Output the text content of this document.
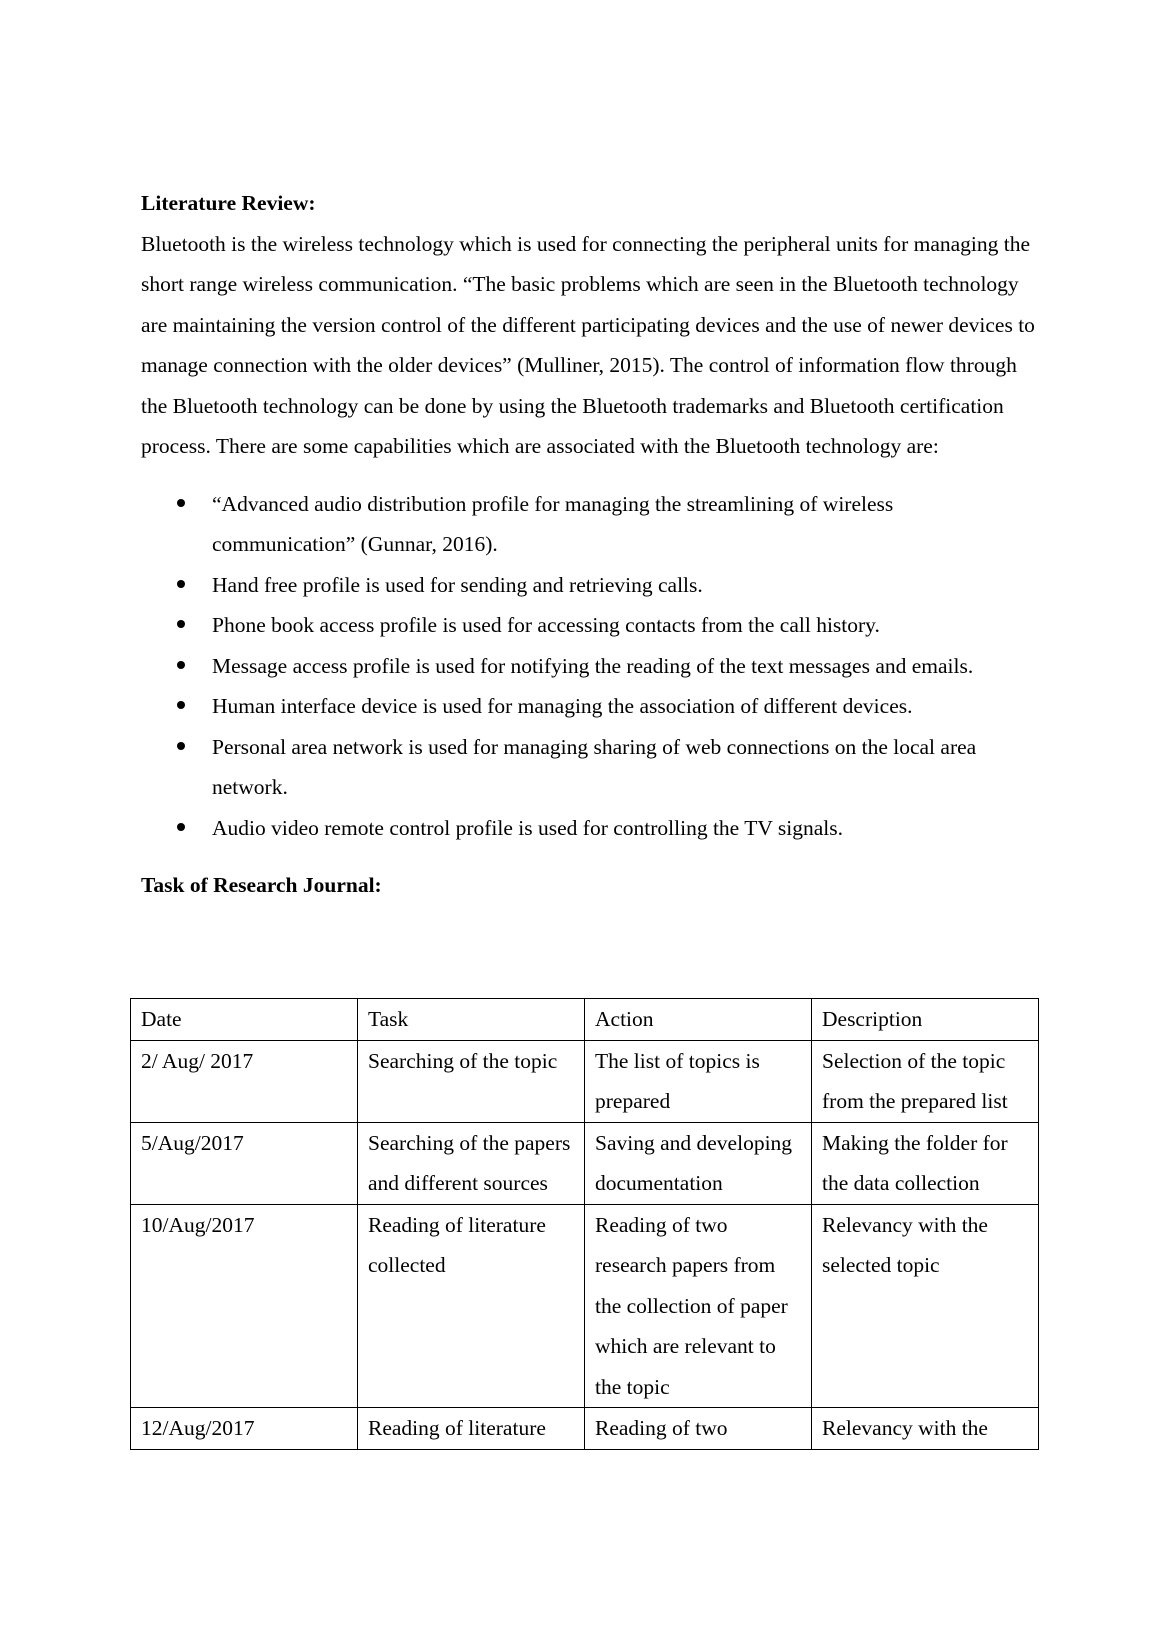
Literature Review:

Bluetooth is the wireless technology which is used for connecting the peripheral units for managing the short range wireless communication. “The basic problems which are seen in the Bluetooth technology are maintaining the version control of the different participating devices and the use of newer devices to manage connection with the older devices” (Mulliner, 2015). The control of information flow through the Bluetooth technology can be done by using the Bluetooth trademarks and Bluetooth certification process. There are some capabilities which are associated with the Bluetooth technology are:

“Advanced audio distribution profile for managing the streamlining of wireless communication” (Gunnar, 2016).
Hand free profile is used for sending and retrieving calls.
Phone book access profile is used for accessing contacts from the call history.
Message access profile is used for notifying the reading of the text messages and emails.
Human interface device is used for managing the association of different devices.
Personal area network is used for managing sharing of web connections on the local area network.
Audio video remote control profile is used for controlling the TV signals.

Task of Research Journal:

Date	Task	Action	Description
2/ Aug/ 2017	Searching of the topic	The list of topics is prepared	Selection of the topic from the prepared list
5/Aug/2017	Searching of the papers and different sources	Saving and developing documentation	Making the folder for the data collection
10/Aug/2017	Reading of literature collected	Reading of two research papers from the collection of paper which are relevant to the topic	Relevancy with the selected topic
12/Aug/2017	Reading of literature	Reading of two	Relevancy with the
